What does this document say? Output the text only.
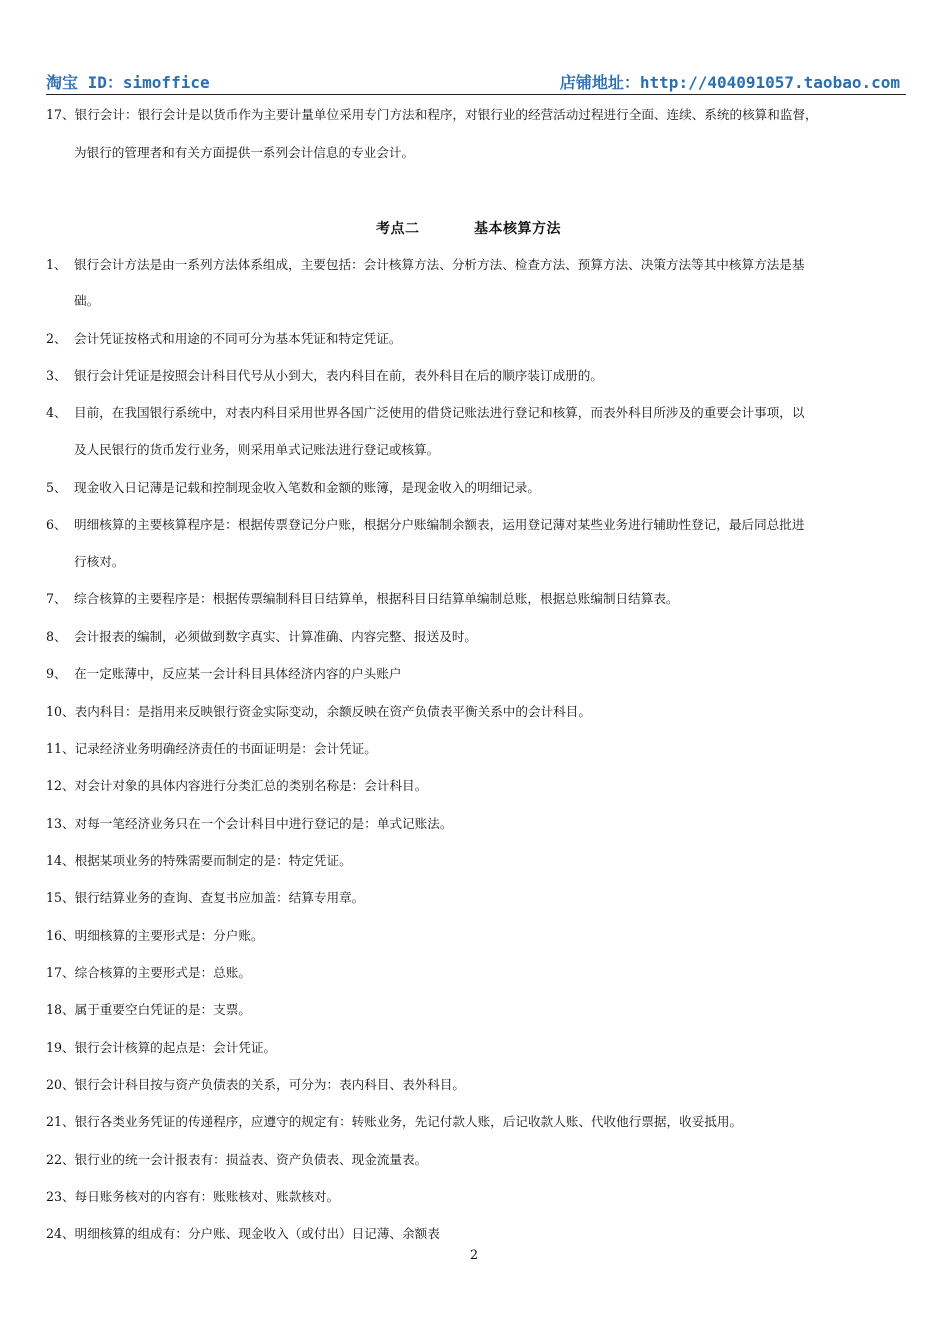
淘宝 ID：simoffice	店铺地址：http://404091057.taobao.com
17、银行会计：银行会计是以货币作为主要计量单位采用专门方法和程序，对银行业的经营活动过程进行全面、连续、系统的核算和监督，
为银行的管理者和有关方面提供一系列会计信息的专业会计。
考点二	基本核算方法
1、 银行会计方法是由一系列方法体系组成，主要包括：会计核算方法、分析方法、检查方法、预算方法、决策方法等其中核算方法是基
础。
2、 会计凭证按格式和用途的不同可分为基本凭证和特定凭证。
3、 银行会计凭证是按照会计科目代号从小到大，表内科目在前，表外科目在后的顺序装订成册的。
4、 目前，在我国银行系统中，对表内科目采用世界各国广泛使用的借贷记账法进行登记和核算，而表外科目所涉及的重要会计事项，以
及人民银行的货币发行业务，则采用单式记账法进行登记或核算。
5、 现金收入日记薄是记载和控制现金收入笔数和金额的账簿，是现金收入的明细记录。
6、 明细核算的主要核算程序是：根据传票登记分户账，根据分户账编制余额表，运用登记薄对某些业务进行辅助性登记，最后同总批进
行核对。
7、 综合核算的主要程序是：根据传票编制科目日结算单，根据科目日结算单编制总账，根据总账编制日结算表。
8、 会计报表的编制，必须做到数字真实、计算准确、内容完整、报送及时。
9、 在一定账薄中，反应某一会计科目具体经济内容的户头账户
10、表内科目：是指用来反映银行资金实际变动，余额反映在资产负债表平衡关系中的会计科目。
11、记录经济业务明确经济责任的书面证明是：会计凭证。
12、对会计对象的具体内容进行分类汇总的类别名称是：会计科目。
13、对每一笔经济业务只在一个会计科目中进行登记的是：单式记账法。
14、根据某项业务的特殊需要而制定的是：特定凭证。
15、银行结算业务的查询、查复书应加盖：结算专用章。
16、明细核算的主要形式是：分户账。
17、综合核算的主要形式是：总账。
18、属于重要空白凭证的是：支票。
19、银行会计核算的起点是：会计凭证。
20、银行会计科目按与资产负债表的关系，可分为：表内科目、表外科目。
21、银行各类业务凭证的传递程序，应遵守的规定有：转账业务，先记付款人账，后记收款人账、代收他行票据，收妥抵用。
22、银行业的统一会计报表有：损益表、资产负债表、现金流量表。
23、每日账务核对的内容有：账账核对、账款核对。
24、明细核算的组成有：分户账、现金收入（或付出）日记薄、余额表
2
